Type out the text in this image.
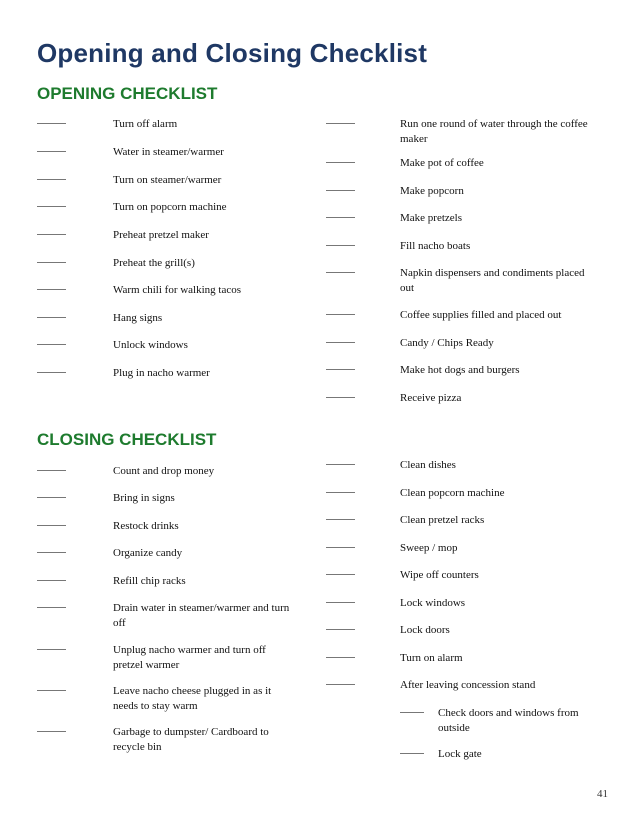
Opening and Closing Checklist
OPENING CHECKLIST
Turn off alarm
Water in steamer/warmer
Turn on steamer/warmer
Turn on popcorn machine
Preheat pretzel maker
Preheat the grill(s)
Warm chili for walking tacos
Hang signs
Unlock windows
Plug in nacho warmer
Run one round of water through the coffee maker
Make pot of coffee
Make popcorn
Make pretzels
Fill nacho boats
Napkin dispensers and condiments placed out
Coffee supplies filled and placed out
Candy / Chips Ready
Make hot dogs and burgers
Receive pizza
CLOSING CHECKLIST
Count and drop money
Bring in signs
Restock drinks
Organize candy
Refill chip racks
Drain water in steamer/warmer and turn off
Unplug nacho warmer and turn off pretzel warmer
Leave nacho cheese plugged in as it needs to stay warm
Garbage to dumpster/ Cardboard to recycle bin
Clean dishes
Clean popcorn machine
Clean pretzel racks
Sweep / mop
Wipe off counters
Lock windows
Lock doors
Turn on alarm
After leaving concession stand
Check doors and windows from outside
Lock gate
41
